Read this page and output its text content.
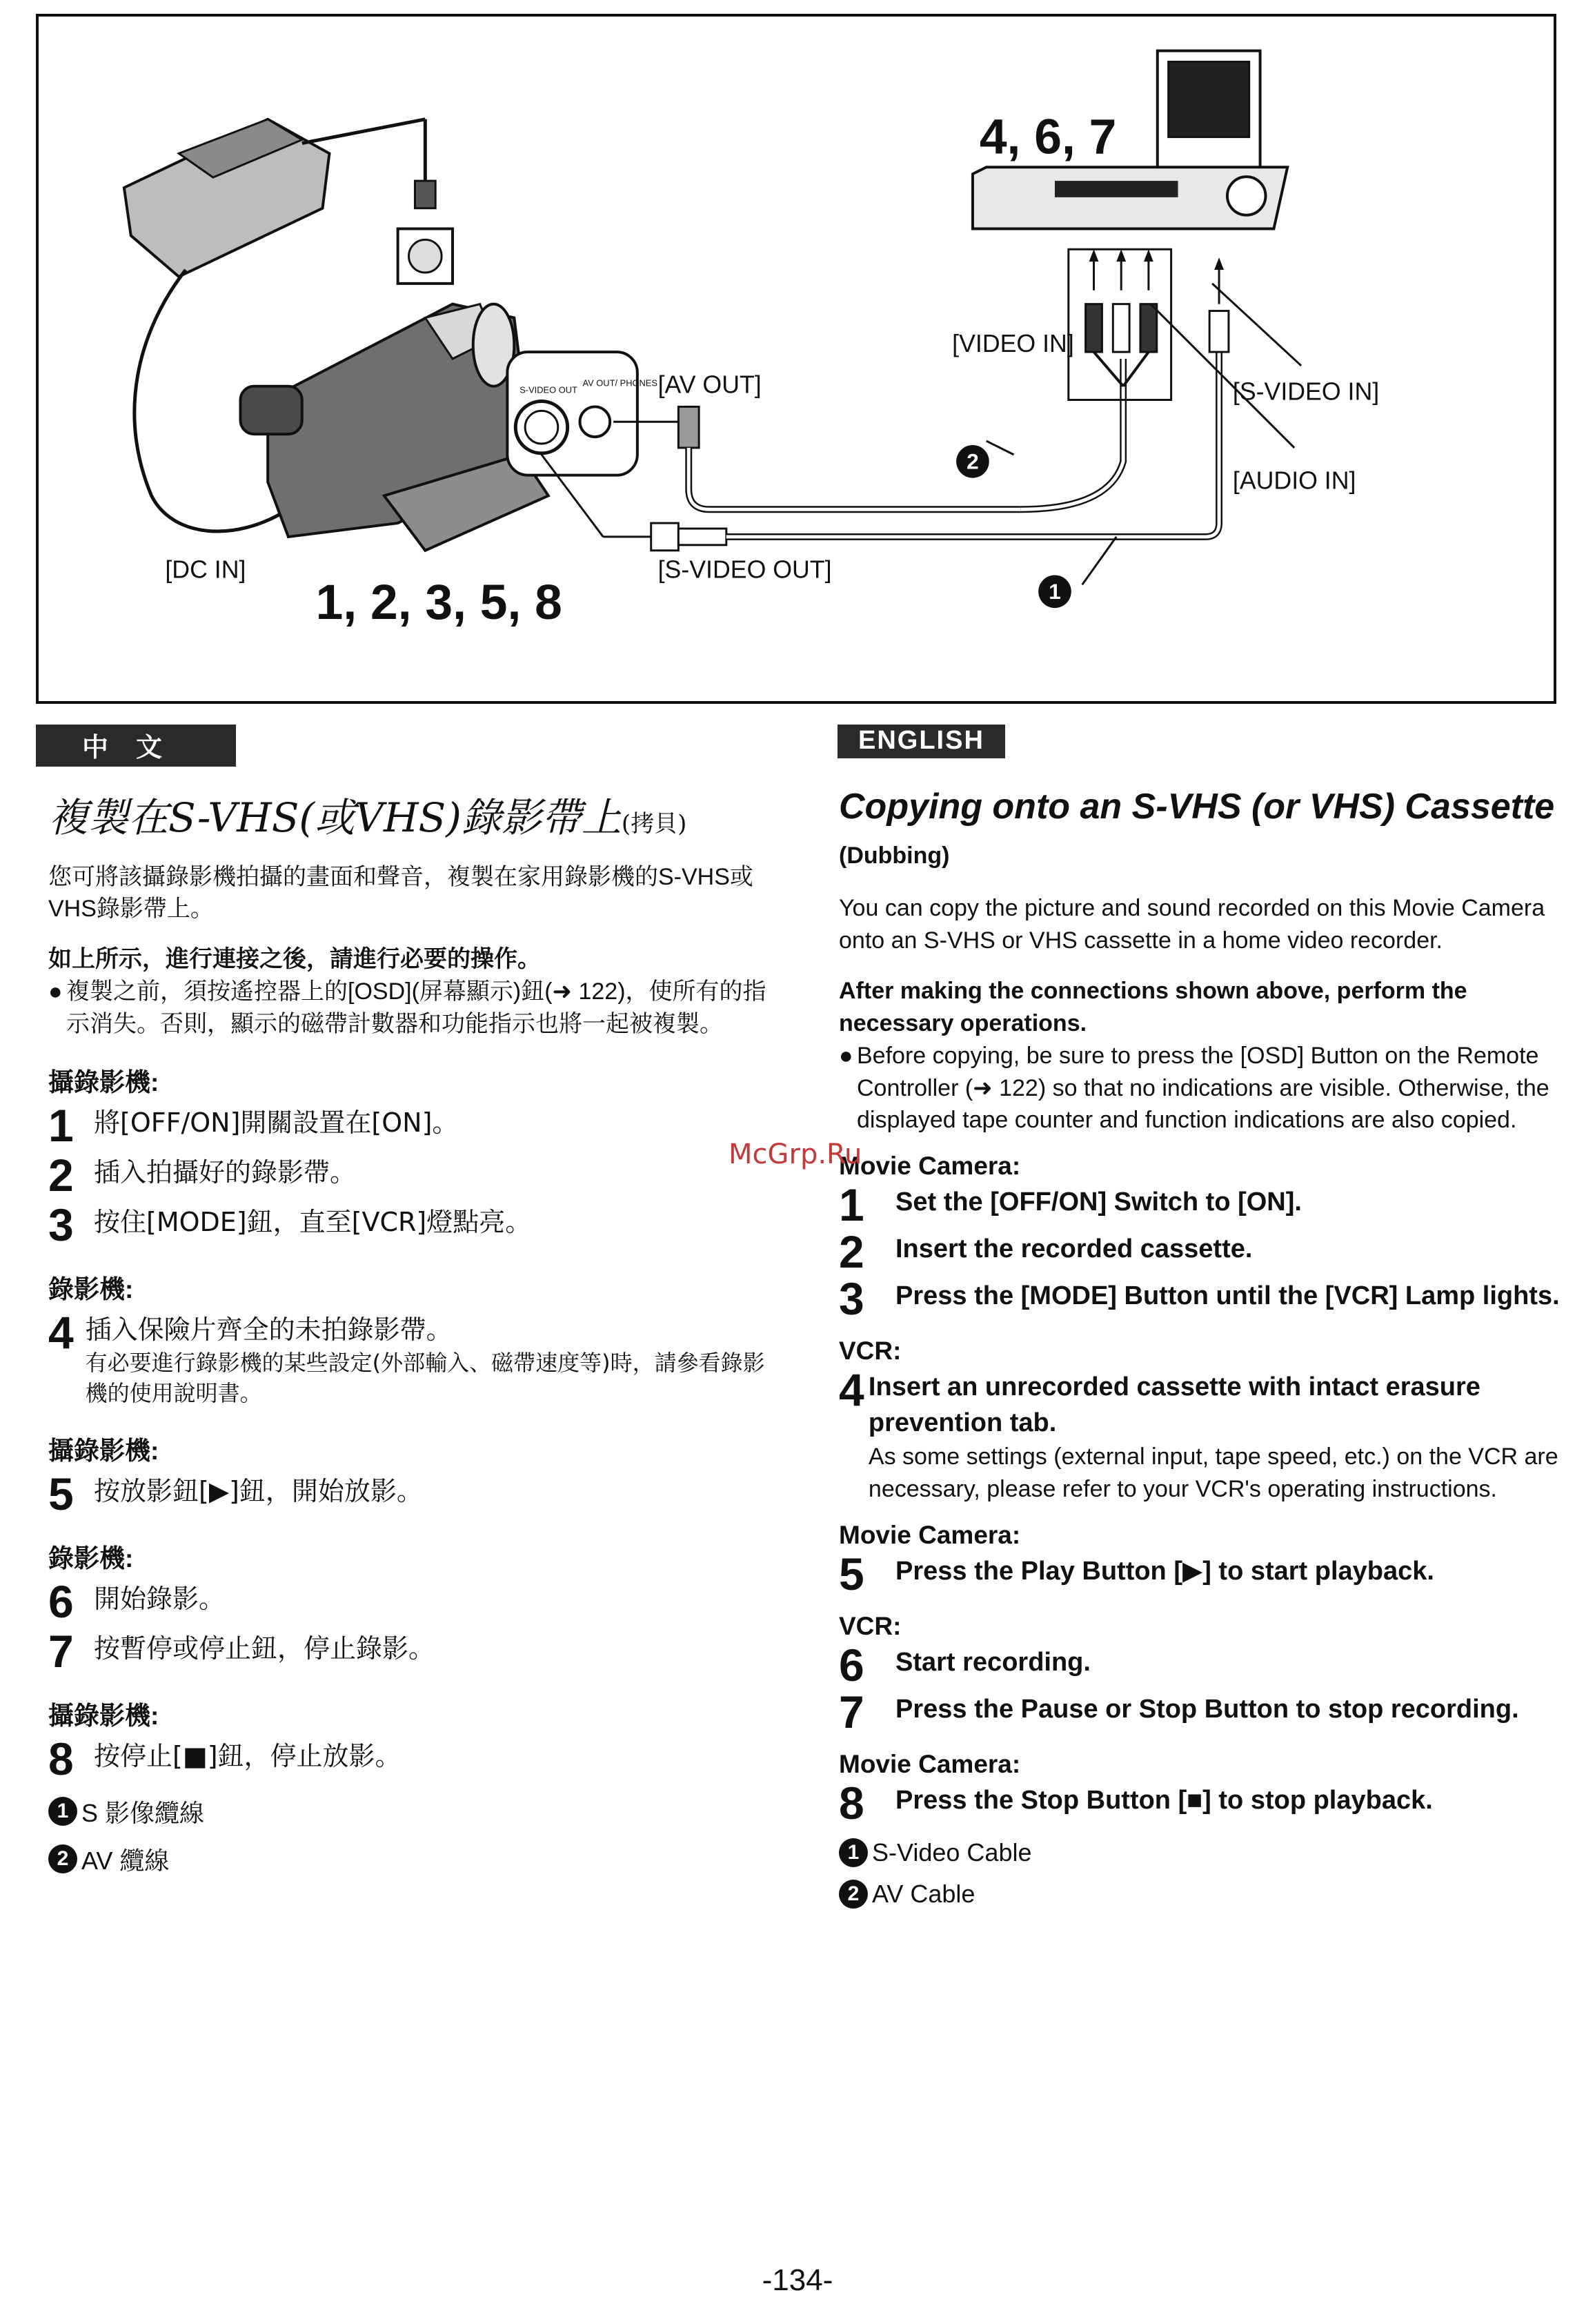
S-VIDEO OUT
AV OUT/ PHONES
4, 6, 7
1, 2, 3, 5, 8
[VIDEO IN]
[S-VIDEO IN]
[AUDIO IN]
[AV OUT]
[S-VIDEO OUT]
[DC IN]
2
1
中文
複製在S-VHS(或VHS)錄影帶上(拷貝)
您可將該攝錄影機拍攝的畫面和聲音，複製在家用錄影機的S-VHS或VHS錄影帶上。
如上所示，進行連接之後，請進行必要的操作。
● 複製之前，須按遙控器上的[OSD](屏幕顯示)鈕(➜ 122)，使所有的指示消失。否則，顯示的磁帶計數器和功能指示也將一起被複製。
攝錄影機:
1 將[OFF/ON]開關設置在[ON]。
2 插入拍攝好的錄影帶。
3 按住[MODE]鈕，直至[VCR]燈點亮。
錄影機:
4 插入保險片齊全的未拍錄影帶。
有必要進行錄影機的某些設定(外部輸入、磁帶速度等)時，請參看錄影機的使用說明書。
攝錄影機:
5 按放影鈕[▶]鈕，開始放影。
錄影機:
6 開始錄影。
7 按暫停或停止鈕，停止錄影。
攝錄影機:
8 按停止[■]鈕，停止放影。
1 S 影像纜線
2 AV 纜線
ENGLISH
Copying onto an S-VHS (or VHS) Cassette (Dubbing)
You can copy the picture and sound recorded on this Movie Camera onto an S-VHS or VHS cassette in a home video recorder.
After making the connections shown above, perform the necessary operations.
● Before copying, be sure to press the [OSD] Button on the Remote Controller (➜ 122) so that no indications are visible. Otherwise, the displayed tape counter and function indications are also copied.
Movie Camera:
1	Set the [OFF/ON] Switch to [ON].
2	Insert the recorded cassette.
3	Press the [MODE] Button until the [VCR] Lamp lights.
VCR:
4 Insert an unrecorded cassette with intact erasure prevention tab.
As some settings (external input, tape speed, etc.) on the VCR are necessary, please refer to your VCR's operating instructions.
Movie Camera:
5	Press the Play Button [▶] to start playback.
VCR:
6	Start recording.
7	Press the Pause or Stop Button to stop recording.
Movie Camera:
8	Press the Stop Button [■] to stop playback.
1 S-Video Cable
2 AV Cable
McGrp.Ru
-134-
